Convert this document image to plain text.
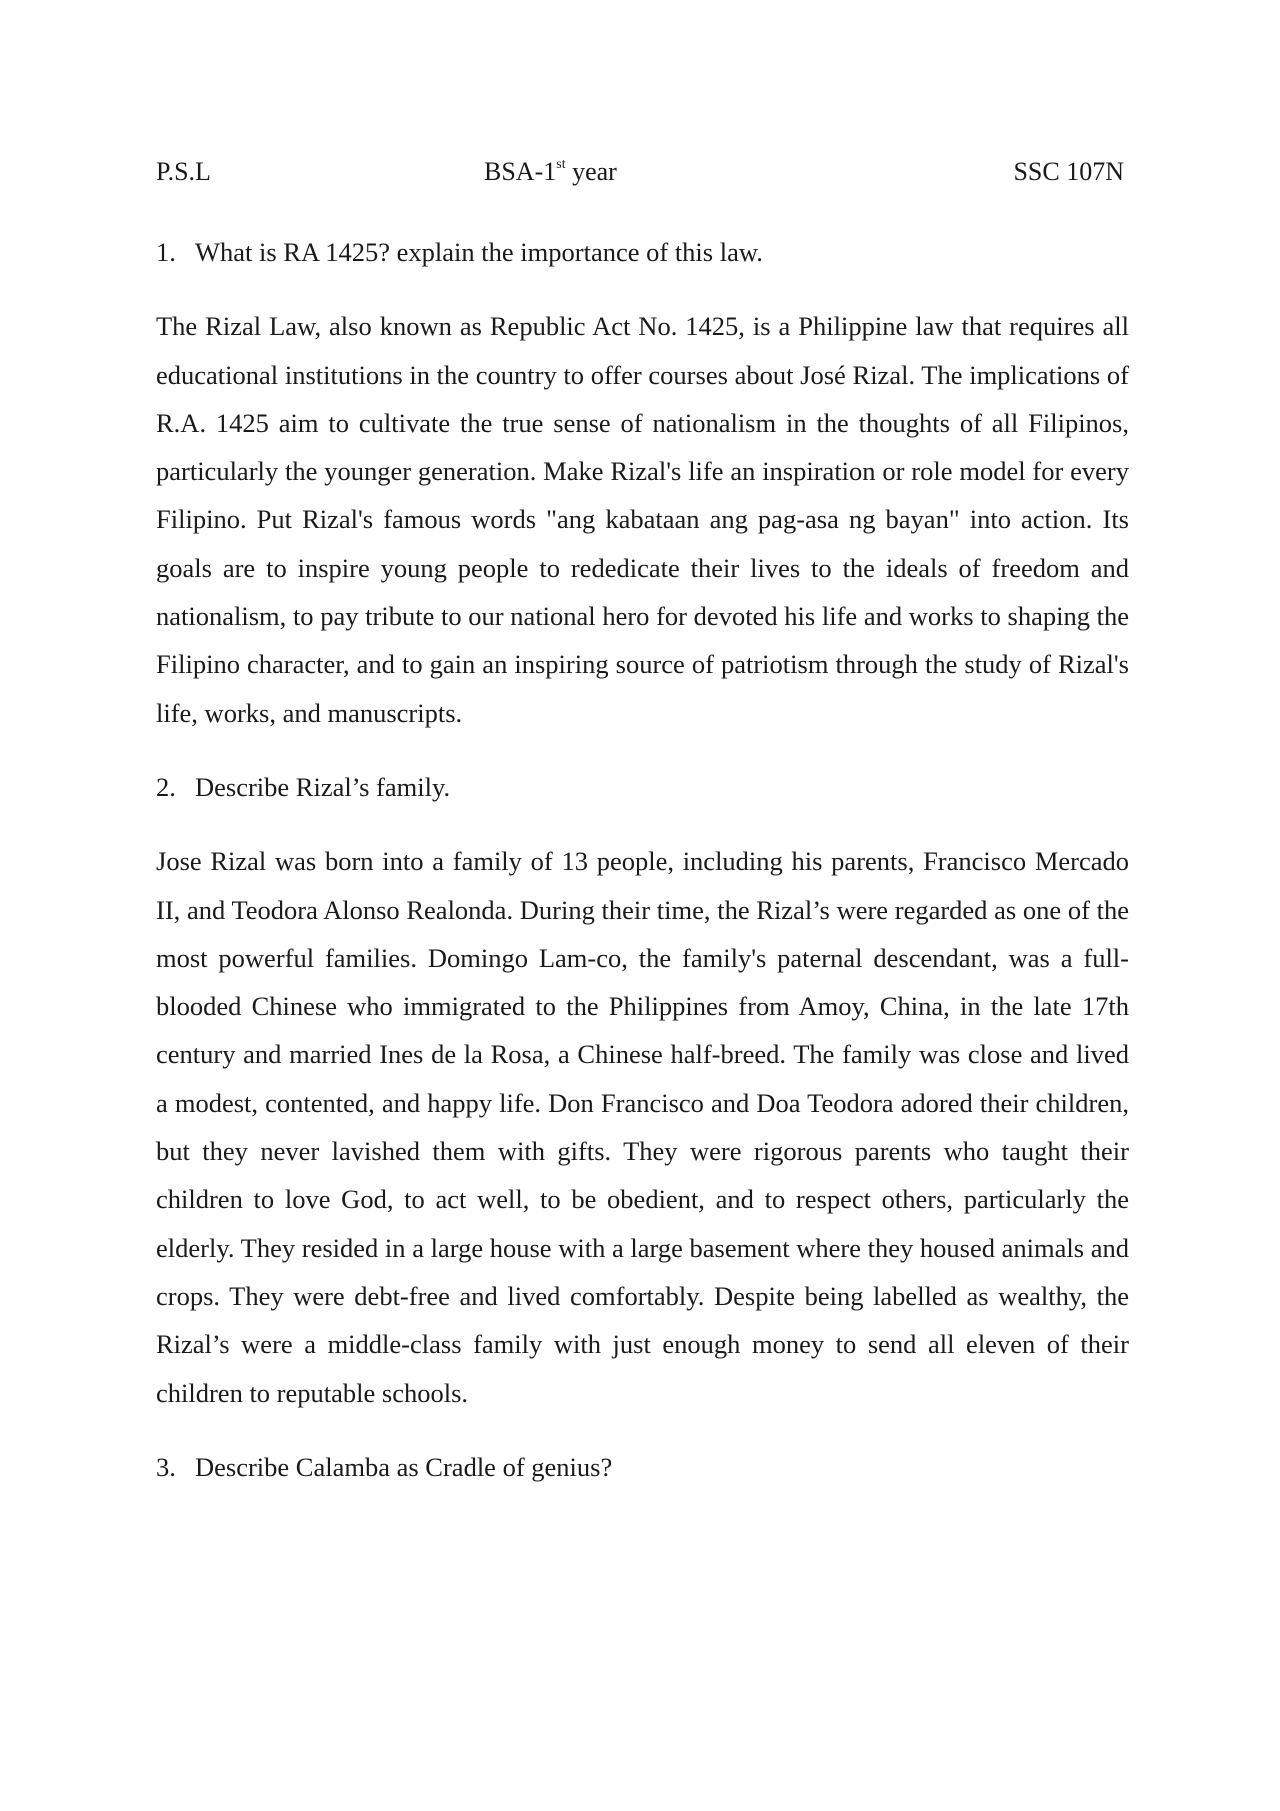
P.S.L	BSA-1st year	SSC 107N

1. What is RA 1425? explain the importance of this law.

The Rizal Law, also known as Republic Act No. 1425, is a Philippine law that requires all educational institutions in the country to offer courses about José Rizal. The implications of R.A. 1425 aim to cultivate the true sense of nationalism in the thoughts of all Filipinos, particularly the younger generation. Make Rizal's life an inspiration or role model for every Filipino. Put Rizal's famous words "ang kabataan ang pag-asa ng bayan" into action. Its goals are to inspire young people to rededicate their lives to the ideals of freedom and nationalism, to pay tribute to our national hero for devoted his life and works to shaping the Filipino character, and to gain an inspiring source of patriotism through the study of Rizal's life, works, and manuscripts.

2. Describe Rizal’s family.

Jose Rizal was born into a family of 13 people, including his parents, Francisco Mercado II, and Teodora Alonso Realonda. During their time, the Rizal’s were regarded as one of the most powerful families. Domingo Lam-co, the family's paternal descendant, was a full-blooded Chinese who immigrated to the Philippines from Amoy, China, in the late 17th century and married Ines de la Rosa, a Chinese half-breed. The family was close and lived a modest, contented, and happy life. Don Francisco and Doa Teodora adored their children, but they never lavished them with gifts. They were rigorous parents who taught their children to love God, to act well, to be obedient, and to respect others, particularly the elderly. They resided in a large house with a large basement where they housed animals and crops. They were debt-free and lived comfortably. Despite being labelled as wealthy, the Rizal’s were a middle-class family with just enough money to send all eleven of their children to reputable schools.

3. Describe Calamba as Cradle of genius?
